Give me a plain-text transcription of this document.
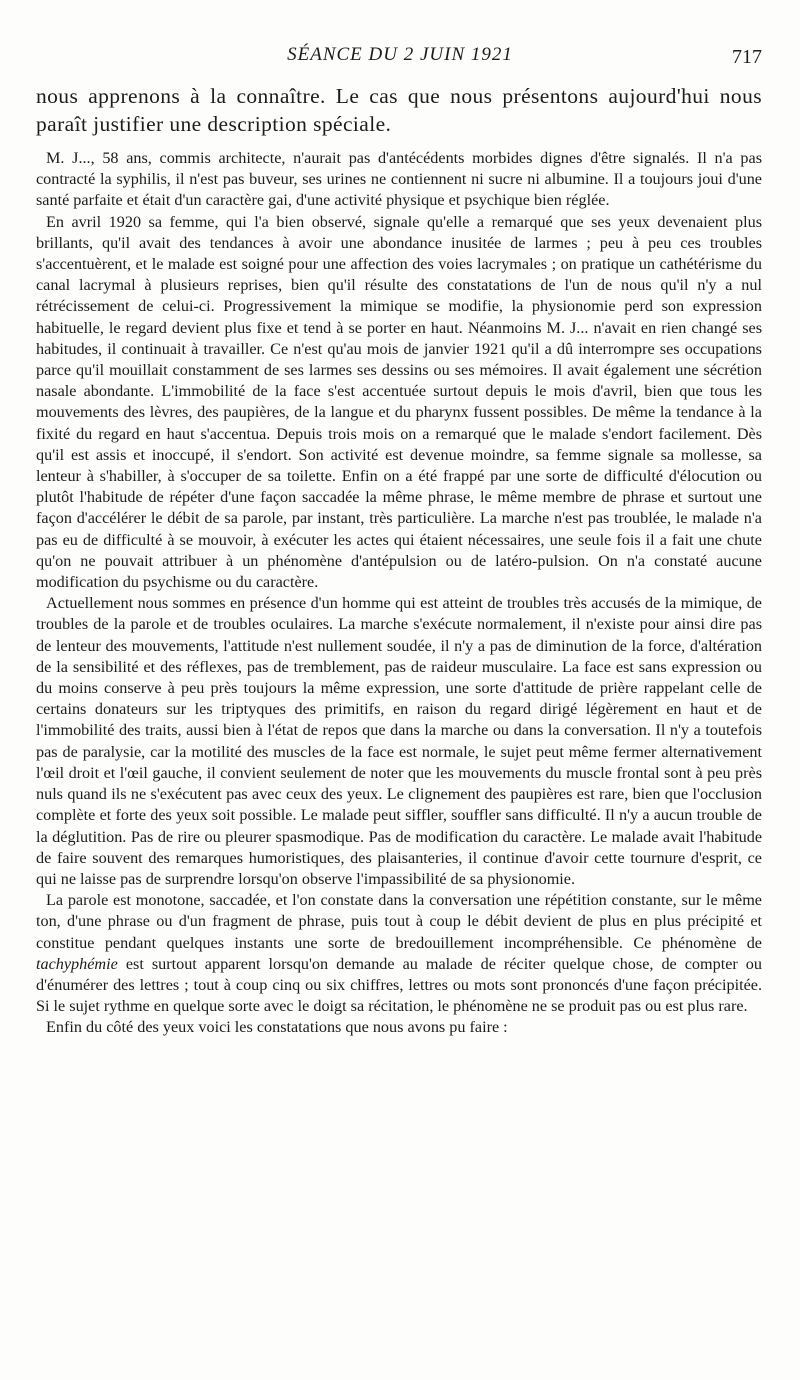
SÉANCE DU 2 JUIN 1921	717

nous apprenons à la connaître. Le cas que nous présentons aujourd'hui nous paraît justifier une description spéciale.

M. J..., 58 ans, commis architecte, n'aurait pas d'antécédents morbides dignes d'être signalés. Il n'a pas contracté la syphilis, il n'est pas buveur, ses urines ne contiennent ni sucre ni albumine. Il a toujours joui d'une santé parfaite et était d'un caractère gai, d'une activité physique et psychique bien réglée.

En avril 1920 sa femme, qui l'a bien observé, signale qu'elle a remarqué que ses yeux devenaient plus brillants, qu'il avait des tendances à avoir une abondance inusitée de larmes ; peu à peu ces troubles s'accentuèrent, et le malade est soigné pour une affection des voies lacrymales ; on pratique un cathétérisme du canal lacrymal à plusieurs reprises, bien qu'il résulte des constatations de l'un de nous qu'il n'y a nul rétrécissement de celui-ci. Progressivement la mimique se modifie, la physionomie perd son expression habituelle, le regard devient plus fixe et tend à se porter en haut. Néanmoins M. J... n'avait en rien changé ses habitudes, il continuait à travailler. Ce n'est qu'au mois de janvier 1921 qu'il a dû interrompre ses occupations parce qu'il mouillait constamment de ses larmes ses dessins ou ses mémoires. Il avait également une sécrétion nasale abondante. L'immobilité de la face s'est accentuée surtout depuis le mois d'avril, bien que tous les mouvements des lèvres, des paupières, de la langue et du pharynx fussent possibles. De même la tendance à la fixité du regard en haut s'accentua. Depuis trois mois on a remarqué que le malade s'endort facilement. Dès qu'il est assis et inoccupé, il s'endort. Son activité est devenue moindre, sa femme signale sa mollesse, sa lenteur à s'habiller, à s'occuper de sa toilette. Enfin on a été frappé par une sorte de difficulté d'élocution ou plutôt l'habitude de répéter d'une façon saccadée la même phrase, le même membre de phrase et surtout une façon d'accélérer le débit de sa parole, par instant, très particulière. La marche n'est pas troublée, le malade n'a pas eu de difficulté à se mouvoir, à exécuter les actes qui étaient nécessaires, une seule fois il a fait une chute qu'on ne pouvait attribuer à un phénomène d'antépulsion ou de latéro-pulsion. On n'a constaté aucune modification du psychisme ou du caractère.

Actuellement nous sommes en présence d'un homme qui est atteint de troubles très accusés de la mimique, de troubles de la parole et de troubles oculaires. La marche s'exécute normalement, il n'existe pour ainsi dire pas de lenteur des mouvements, l'attitude n'est nullement soudée, il n'y a pas de diminution de la force, d'altération de la sensibilité et des réflexes, pas de tremblement, pas de raideur musculaire. La face est sans expression ou du moins conserve à peu près toujours la même expression, une sorte d'attitude de prière rappelant celle de certains donateurs sur les triptyques des primitifs, en raison du regard dirigé légèrement en haut et de l'immobilité des traits, aussi bien à l'état de repos que dans la marche ou dans la conversation. Il n'y a toutefois pas de paralysie, car la motilité des muscles de la face est normale, le sujet peut même fermer alternativement l'œil droit et l'œil gauche, il convient seulement de noter que les mouvements du muscle frontal sont à peu près nuls quand ils ne s'exécutent pas avec ceux des yeux. Le clignement des paupières est rare, bien que l'occlusion complète et forte des yeux soit possible. Le malade peut siffler, souffler sans difficulté. Il n'y a aucun trouble de la déglutition. Pas de rire ou pleurer spasmodique. Pas de modification du caractère. Le malade avait l'habitude de faire souvent des remarques humoristiques, des plaisanteries, il continue d'avoir cette tournure d'esprit, ce qui ne laisse pas de surprendre lorsqu'on observe l'impassibilité de sa physionomie.

La parole est monotone, saccadée, et l'on constate dans la conversation une répétition constante, sur le même ton, d'une phrase ou d'un fragment de phrase, puis tout à coup le débit devient de plus en plus précipité et constitue pendant quelques instants une sorte de bredouillement incompréhensible. Ce phénomène de tachyphémie est surtout apparent lorsqu'on demande au malade de réciter quelque chose, de compter ou d'énumérer des lettres ; tout à coup cinq ou six chiffres, lettres ou mots sont prononcés d'une façon précipitée. Si le sujet rythme en quelque sorte avec le doigt sa récitation, le phénomène ne se produit pas ou est plus rare.

Enfin du côté des yeux voici les constatations que nous avons pu faire :
